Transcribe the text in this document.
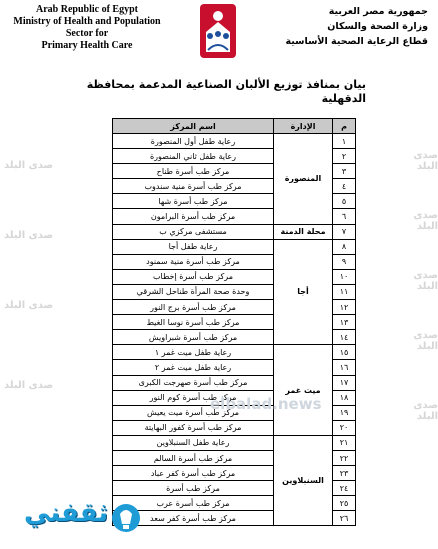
Arab Republic of Egypt
Ministry of Health and Population
Sector for
Primary Health Care
جمهورية مصر العربية
وزارة الصحة والسكان
قطاع الرعاية الصحية الأساسية
بيان بمنافذ توزيع الألبان الصناعية المدعمة بمحافظة الدقهلية
صدى البلد
صدى البلد
صدى البلد
صدى البلد
صدى البلد
صدى البلد
صدى البلد
صدى البلد
صدى البلد
م	الإدارة	اسم المركز
١	المنصورة	رعاية طفل أول المنصورة
٢		رعاية طفل ثاني المنصورة
٣		مركز طب أسرة طناح
٤		مركز طب أسرة منية سندوب
٥		مركز طب أسرة شها
٦		مركز طب أسرة البرامون
٧	محلة الدمنة	مستشفى مركزي ب
٨	أجا	رعاية طفل أجا
٩		مركز طب أسرة منية سمنود
١٠		مركز طب أسرة إخطاب
١١		وحدة صحة المرأة طناحل الشرقي
١٢		مركز طب أسرة برج النور
١٣		مركز طب أسرة نوسا الغيط
١٤		مركز طب أسرة شبراويش
١٥	ميت غمر	رعاية طفل ميت غمر ١
١٦		رعاية طفل ميت غمر ٢
١٧		مركز طب أسرة صهرجت الكبرى
١٨		مركز طب أسرة كوم النور
١٩		مركز طب أسرة ميت يعيش
٢٠		مركز طب أسرة كفور البهايتة
٢١	السنبلاوين	رعاية طفل السنبلاوين
٢٢		مركز طب أسرة السالم
٢٣		مركز طب أسرة كفر عباد
٢٤		مركز طب أسرة
٢٥		مركز طب أسرة عرب
٢٦		مركز طب أسرة كفر سعد
elbalad.news
ثقفني
